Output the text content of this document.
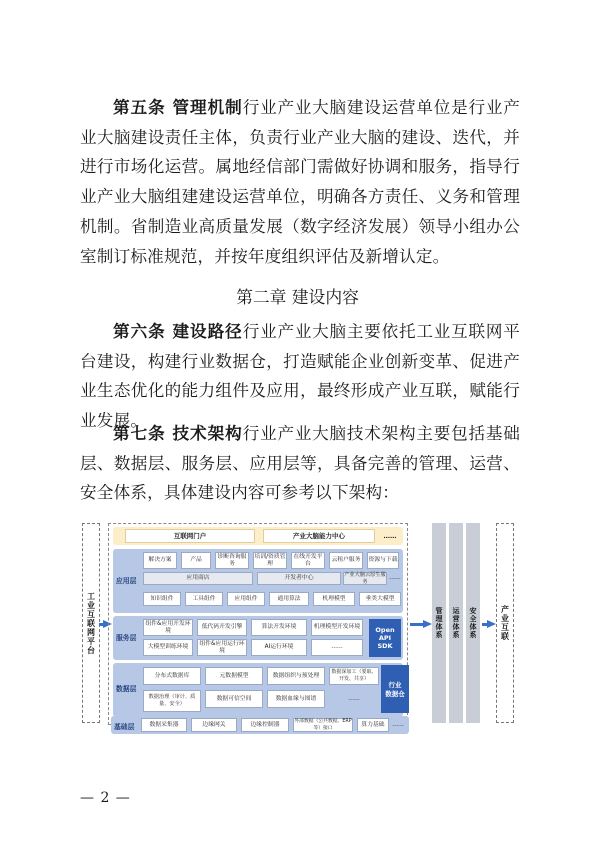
第五条 管理机制行业产业大脑建设运营单位是行业产业大脑建设责任主体，负责行业产业大脑的建设、迭代，并进行市场化运营。属地经信部门需做好协调和服务，指导行业产业大脑组建建设运营单位，明确各方责任、义务和管理机制。省制造业高质量发展（数字经济发展）领导小组办公室制订标准规范，并按年度组织评估及新增认定。

第二章 建设内容

第六条 建设路径行业产业大脑主要依托工业互联网平台建设，构建行业数据仓，打造赋能企业创新变革、促进产业生态优化的能力组件及应用，最终形成产业互联，赋能行业发展。

第七条 技术架构行业产业大脑技术架构主要包括基础层、数据层、服务层、应用层等，具备完善的管理、运营、安全体系，具体建设内容可参考以下架构：

工业互联网平台
互联网门户	产业大脑能力中心	……
应用层
解决方案	产品
诊断咨询服务
培训/资质管理
在线开发平台
云租户服务	资源与下载
应用商店	开发者中心
产业大脑云原生服务
……
知识组件	工具组件	应用组件	通用算法	机理模型	垂类大模型
服务层
组件&应用开发环境
低代码开发引擎	算法开发环境	机理模型开发环境
大模型训练环境
组件&应用运行环境
AI运行环境	……
Open API
SDK
数据层
分布式数据库	元数据模型	数据组织与预处理
数据深加工（要取、开发、共享）
数据治理（审计、质量、安全）
数据可信空间	数据血缘与图谱	……
行业
数据仓
管理体系 运营体系 安全体系	产业互联
基础层	数据采集器	边缘网关	边缘控制器	外部数据（公共数据、ERP等）接口
算力基础	……

— 2 —
